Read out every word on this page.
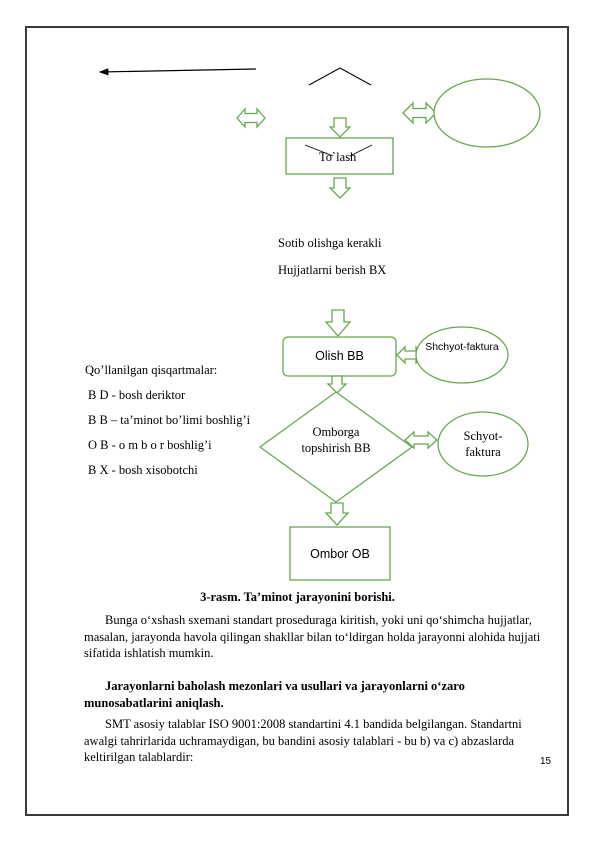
To`lash
Sotib olishga kerakli
Hujjatlarni berish BX
Olish BB
Shchyot-faktura
Omborga topshirish BB
Schyot-faktura
Ombor OB
Qo’llanilgan qisqartmalar:
B D - bosh deriktor
B B – ta’minot bo’limi boshlig’i
O B - o m b o r boshlig’i
B X - bosh xisobotchi
3-rasm. Ta’minot jarayonini borishi.
Bunga o‘xshash sxemani standart proseduraga kiritish, yoki uni qo‘shimcha hujjatlar, masalan, jarayonda havola qilingan shakllar bilan to‘ldirgan holda jarayonni alohida hujjati sifatida ishlatish mumkin.
Jarayonlarni baholash mezonlari va usullari va jarayonlarni o‘zaro munosabatlarini aniqlash.
SMT asosiy talablar ISO 9001:2008 standartini 4.1 bandida belgilangan. Standartni awalgi tahrirlarida uchramaydigan, bu bandini asosiy talablari - bu b) va c) abzaslarda keltirilgan talablardir:	15
